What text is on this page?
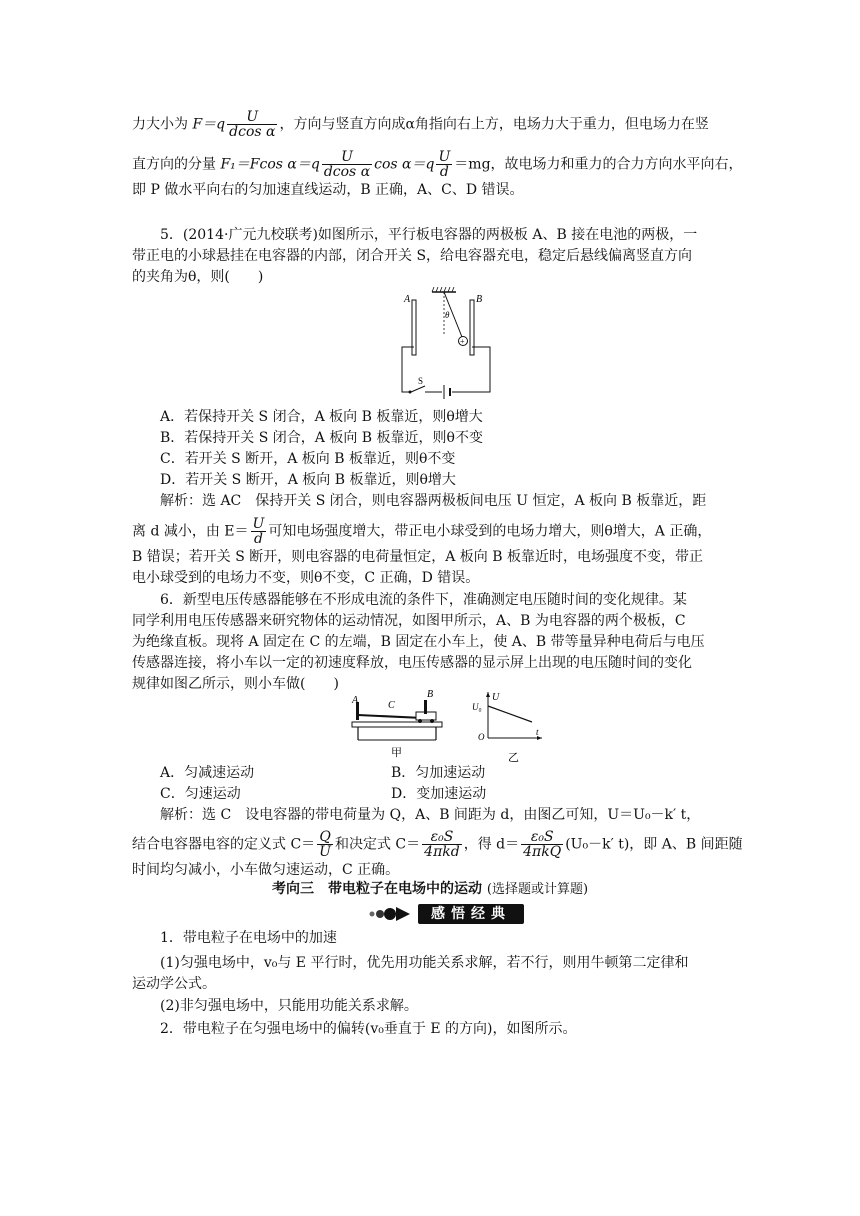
力大小为 $F=q \frac{U}{\text{dcos α}}$ ，方向与竖直方向成α角指向右上方，电场力大于重力，但电场力在竖
直方向的分量 F₁＝Fcos $\alpha=q \frac{U}{\text{dcos α}}$ $\cos \alpha=q \frac{U}{d} =mg$，故电场力和重力的合力方向水平向右，
即 P 做水平向右的匀加速直线运动，B 正确，A、C、D 错误。
5．(2014·广元九校联考)如图所示，平行板电容器的两极板 A、B 接在电池的两极，一
带正电的小球悬挂在电容器的内部，闭合开关 S，给电容器充电，稳定后悬线偏离竖直方向
的夹角为θ，则(　　)
+
θ
A	B
S
A．若保持开关 S 闭合，A 板向 B 板靠近，则θ增大
B．若保持开关 S 闭合，A 板向 B 板靠近，则θ不变
C．若开关 S 断开，A 板向 B 板靠近，则θ不变
D．若开关 S 断开，A 板向 B 板靠近，则θ增大
解析：选 AC　保持开关 S 闭合，则电容器两极板间电压 U 恒定，A 板向 B 板靠近，距
离 d 减小，由 $E= \frac{U}{d}$ 可知电场强度增大，带正电小球受到的电场力增大，则θ增大，A 正确，
B 错误；若开关 S 断开，则电容器的电荷量恒定，A 板向 B 板靠近时，电场强度不变，带正
电小球受到的电场力不变，则θ不变，C 正确，D 错误。
6．新型电压传感器能够在不形成电流的条件下，准确测定电压随时间的变化规律。某
同学利用电压传感器来研究物体的运动情况，如图甲所示，A、B 为电容器的两个极板，C
为绝缘直板。现将 A 固定在 C 的左端，B 固定在小车上，使 A、B 带等量异种电荷后与电压
传感器连接，将小车以一定的初速度释放，电压传感器的显示屏上出现的电压随时间的变化
规律如图乙所示，则小车做(　　)
A
B
C
甲
U
U₀
O	t
乙
A．匀减速运动	B．匀加速运动
C．匀速运动	D．变加速运动
解析：选 C　设电容器的带电荷量为 Q，A、B 间距为 d，由图乙可知，U＝U₀－k′ t，
结合电容器电容的定义式 $C= \frac{Q}{U}$ 和决定式 $C= \frac{\text{ε₀S}}{\text{4πkd}}$ ，得 $d= \frac{\text{ε₀S}}{\text{4πkQ}} (U_0-k'$ t)，即 A、B 间距随
时间均匀减小，小车做匀速运动，C 正确。
考向三　带电粒子在电场中的运动 (选择题或计算题)
感悟经典
1．带电粒子在电场中的加速
(1)匀强电场中，v₀与 E 平行时，优先用功能关系求解，若不行，则用牛顿第二定律和
运动学公式。
(2)非匀强电场中，只能用功能关系求解。
2．带电粒子在匀强电场中的偏转(v₀垂直于 E 的方向)，如图所示。
